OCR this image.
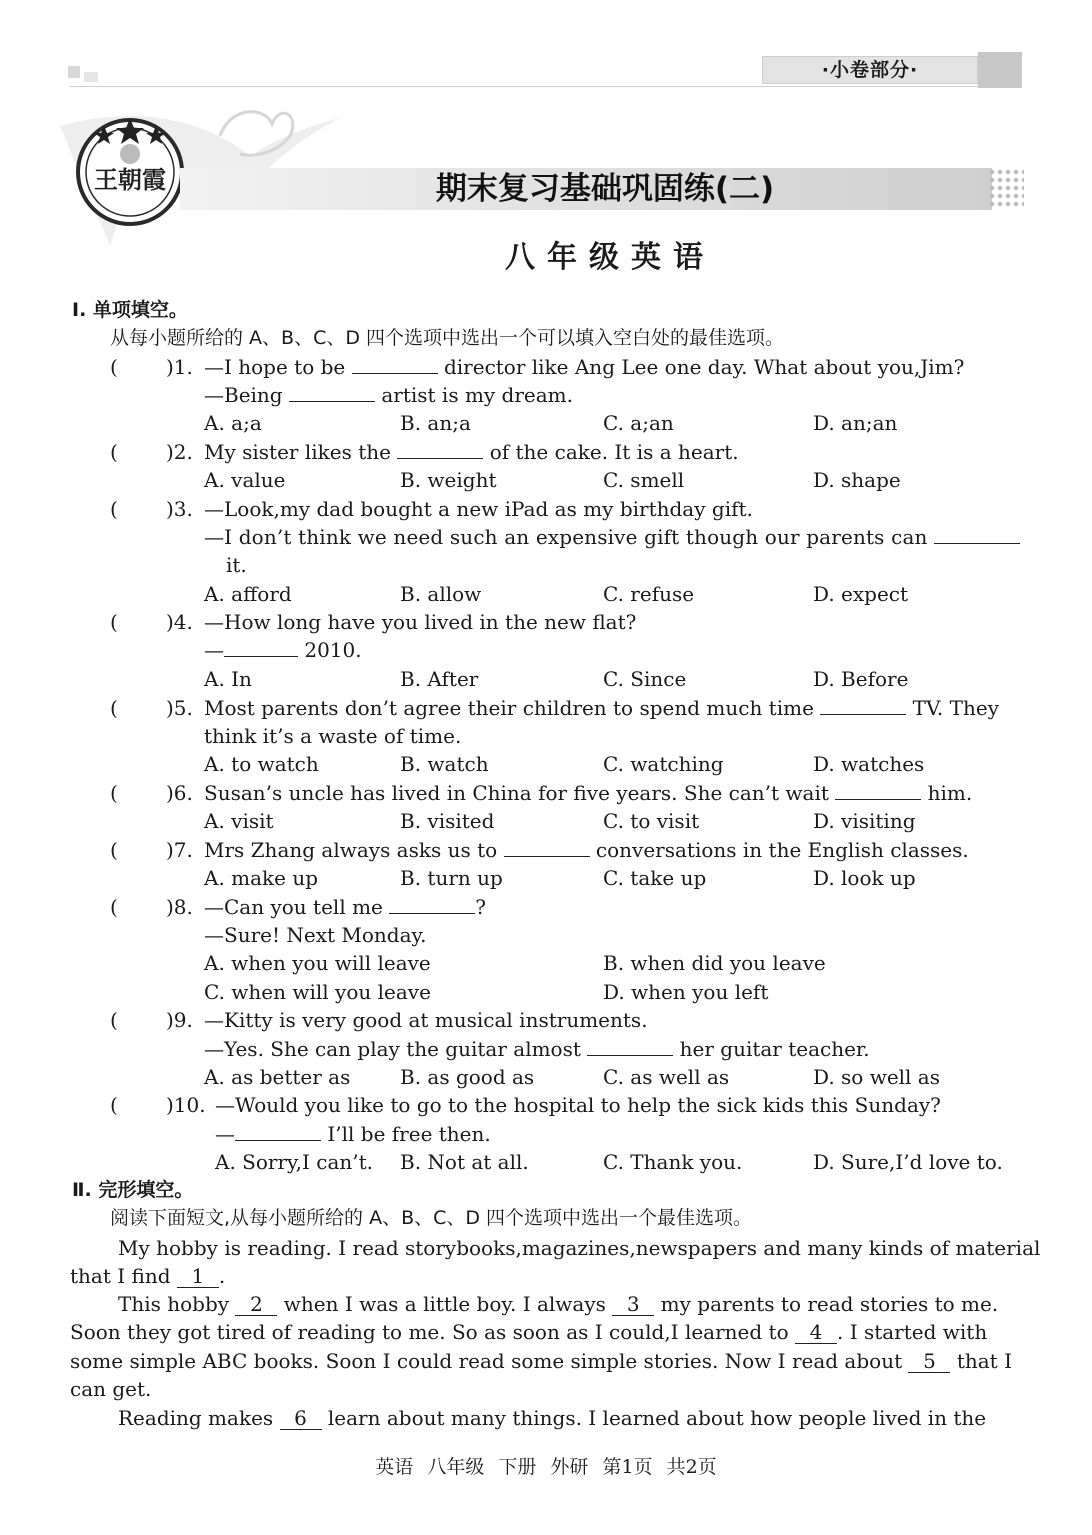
·小卷部分·
王朝霞	期末复习基础巩固练(二)
八年级英语
Ⅰ. 单项填空。
从每小题所给的 A、B、C、D 四个选项中选出一个可以填入空白处的最佳选项。
( )1. —I hope to be	director like Ang Lee one day. What about you,Jim?
—Being	artist is my dream.
A. a;a	B. an;a	C. a;an	D. an;an
( )2. My sister likes the	of the cake. It is a heart.
A. value	B. weight	C. smell	D. shape
( )3. —Look,my dad bought a new iPad as my birthday gift.
—I don’t think we need such an expensive gift though our parents can
it.
A. afford	B. allow	C. refuse	D. expect
( )4. —How long have you lived in the new flat?
—	2010.
A. In	B. After	C. Since	D. Before
( )5. Most parents don’t agree their children to spend much time	TV. They
think it’s a waste of time.
A. to watch	B. watch	C. watching	D. watches
( )6. Susan’s uncle has lived in China for five years. She can’t wait	him.
A. visit	B. visited	C. to visit	D. visiting
( )7. Mrs Zhang always asks us to	conversations in the English classes.
A. make up	B. turn up	C. take up	D. look up
( )8. —Can you tell me	?
—Sure! Next Monday.
A. when you will leave	B. when did you leave
C. when will you leave	D. when you left
( )9. —Kitty is very good at musical instruments.
—Yes. She can play the guitar almost	her guitar teacher.
A. as better as B. as good as	C. as well as	D. so well as
( )10. —Would you like to go to the hospital to help the sick kids this Sunday?
—	I’ll be free then.
A. Sorry,I can’t. B. Not at all.	C. Thank you.	D. Sure,I’d love to.
Ⅱ. 完形填空。
阅读下面短文,从每小题所给的 A、B、C、D 四个选项中选出一个最佳选项。
My hobby is reading. I read storybooks,magazines,newspapers and many kinds of material
that I find 1 .
This hobby 2 when I was a little boy. I always 3 my parents to read stories to me.
Soon they got tired of reading to me. So as soon as I could,I learned to 4 . I started with
some simple ABC books. Soon I could read some simple stories. Now I read about 5 that I
can get.
Reading makes 6 learn about many things. I learned about how people lived in the
英语 八年级 下册 外研 第1页 共2页
